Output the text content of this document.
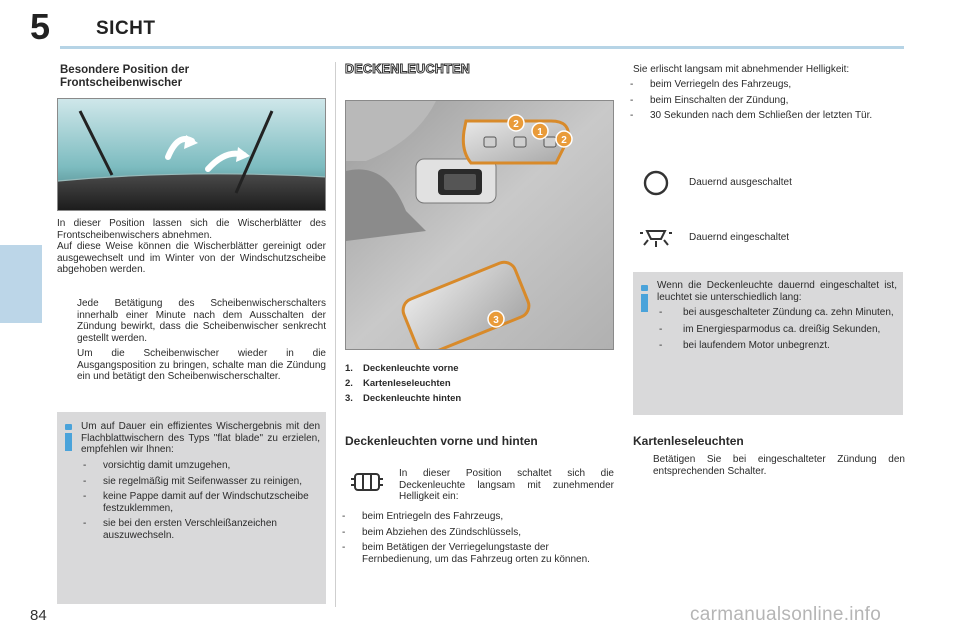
5 SICHT
Besondere Position der
Frontscheibenwischer
In dieser Position lassen sich die Wischerblätter des Frontscheibenwischers abnehmen.
Auf diese Weise können die Wischerblätter gereinigt oder ausgewechselt und im Winter von der Windschutzscheibe abgehoben werden.
Jede Betätigung des Scheibenwischerschalters innerhalb einer Minute nach dem Ausschalten der Zündung bewirkt, dass die Scheibenwischer senkrecht gestellt werden.
Um die Scheibenwischer wieder in die Ausgangsposition zu bringen, schalte man die Zündung ein und betätigt den Scheibenwischerschalter.
Um auf Dauer ein effizientes Wischergebnis mit den Flachblattwischern des Typs "flat blade" zu erzielen, empfehlen wir Ihnen:
- vorsichtig damit umzugehen,
- sie regelmäßig mit Seifenwasser zu reinigen,
- keine Pappe damit auf der Windschutzscheibe festzuklemmen,
- sie bei den ersten Verschleißanzeichen auszuwechseln.
DECKENLEUCHTEN
2
1
2
3
1. Deckenleuchte vorne
2. Kartenleseleuchten
3. Deckenleuchte hinten
Deckenleuchten vorne und hinten
In dieser Position schaltet sich die Deckenleuchte langsam mit zunehmender Helligkeit ein:
- beim Entriegeln des Fahrzeugs,
- beim Abziehen des Zündschlüssels,
- beim Betätigen der Verriegelungstaste der Fernbedienung, um das Fahrzeug orten zu können.
Sie erlischt langsam mit abnehmender Helligkeit:
- beim Verriegeln des Fahrzeugs,
- beim Einschalten der Zündung,
- 30 Sekunden nach dem Schließen der letzten Tür.
Dauernd ausgeschaltet
Dauernd eingeschaltet
Wenn die Deckenleuchte dauernd eingeschaltet ist, leuchtet sie unterschiedlich lang:
- bei ausgeschalteter Zündung ca. zehn Minuten,
- im Energiesparmodus ca. dreißig Sekunden,
- bei laufendem Motor unbegrenzt.
Kartenleseleuchten
Betätigen Sie bei eingeschalteter Zündung den entsprechenden Schalter.
84	carmanualsonline.info
